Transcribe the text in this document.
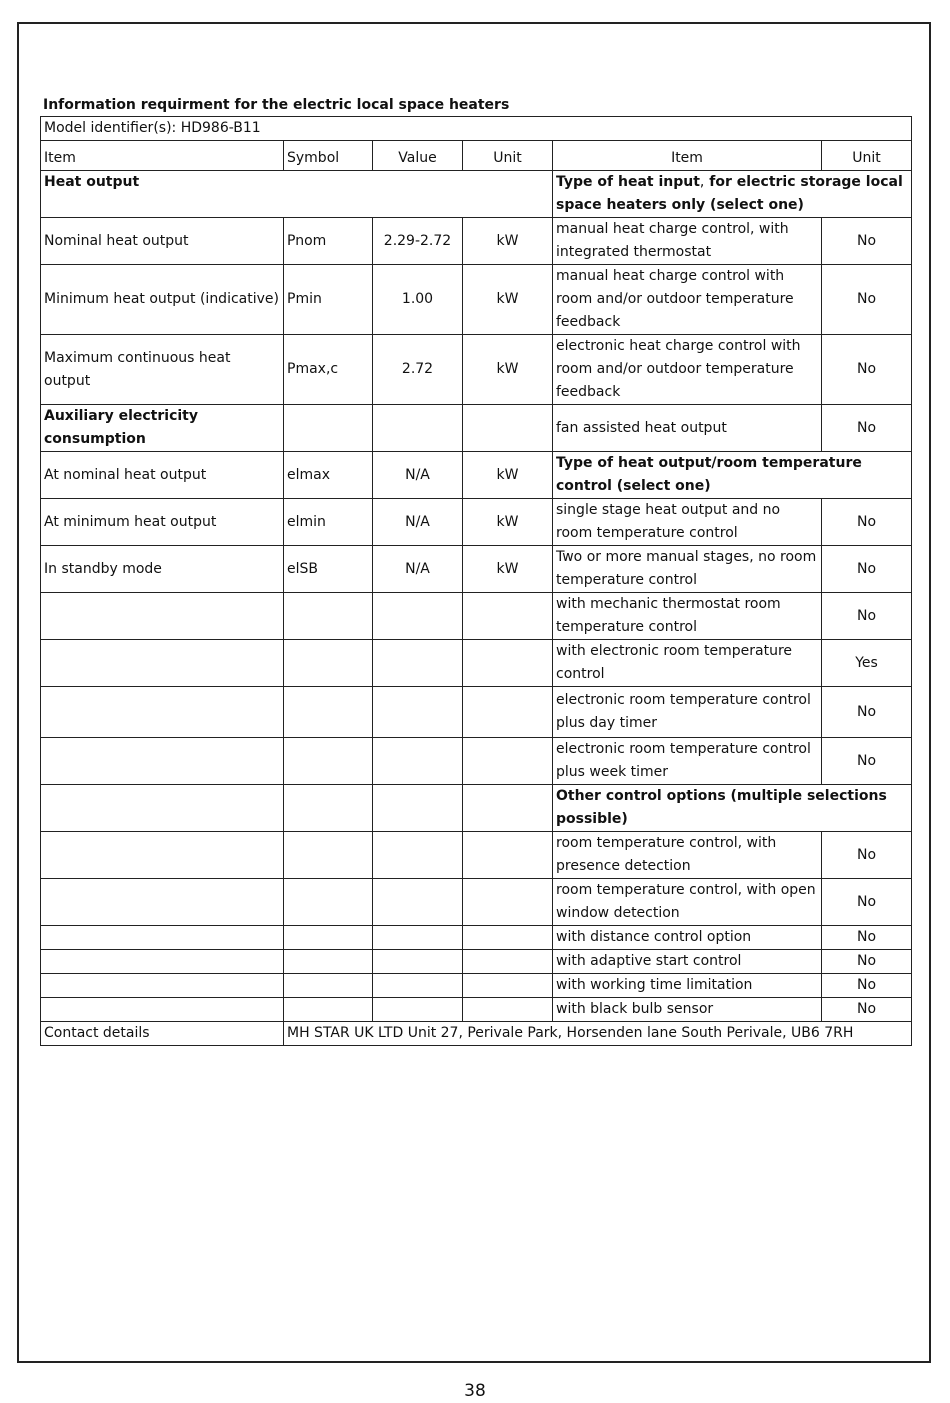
Information requirment for the electric local space heaters
Model identifier(s): HD986-B11					
Item	Symbol	Value	Unit	Item	Unit
Heat output				Type of heat input, for electric storage local space heaters only (select one)	
Nominal heat output	Pnom	2.29-2.72	kW	manual heat charge control, with integrated thermostat	No
Minimum heat output (indicative)	Pmin	1.00	kW	manual heat charge control with room and/or outdoor temperature feedback	No
Maximum continuous heat output	Pmax,c	2.72	kW	electronic heat charge control with room and/or outdoor temperature feedback	No
Auxiliary electricity consumption				fan assisted heat output	No
At nominal heat output	elmax	N/A	kW	Type of heat output/room temperature control (select one)	
At minimum heat output	elmin	N/A	kW	single stage heat output and no room temperature control	No
In standby mode	elSB	N/A	kW	Two or more manual stages, no room temperature control	No
				with mechanic thermostat room temperature control	No
				with electronic room temperature control	Yes
				electronic room temperature control plus day timer	No
				electronic room temperature control plus week timer	No
				Other control options (multiple selections possible)	
				room temperature control, with presence detection	No
				room temperature control, with open window detection	No
				with distance control option	No
				with adaptive start control	No
				with working time limitation	No
				with black bulb sensor	No
Contact details	MH STAR UK LTD Unit 27, Perivale Park, Horsenden lane South Perivale, UB6 7RH				
38
